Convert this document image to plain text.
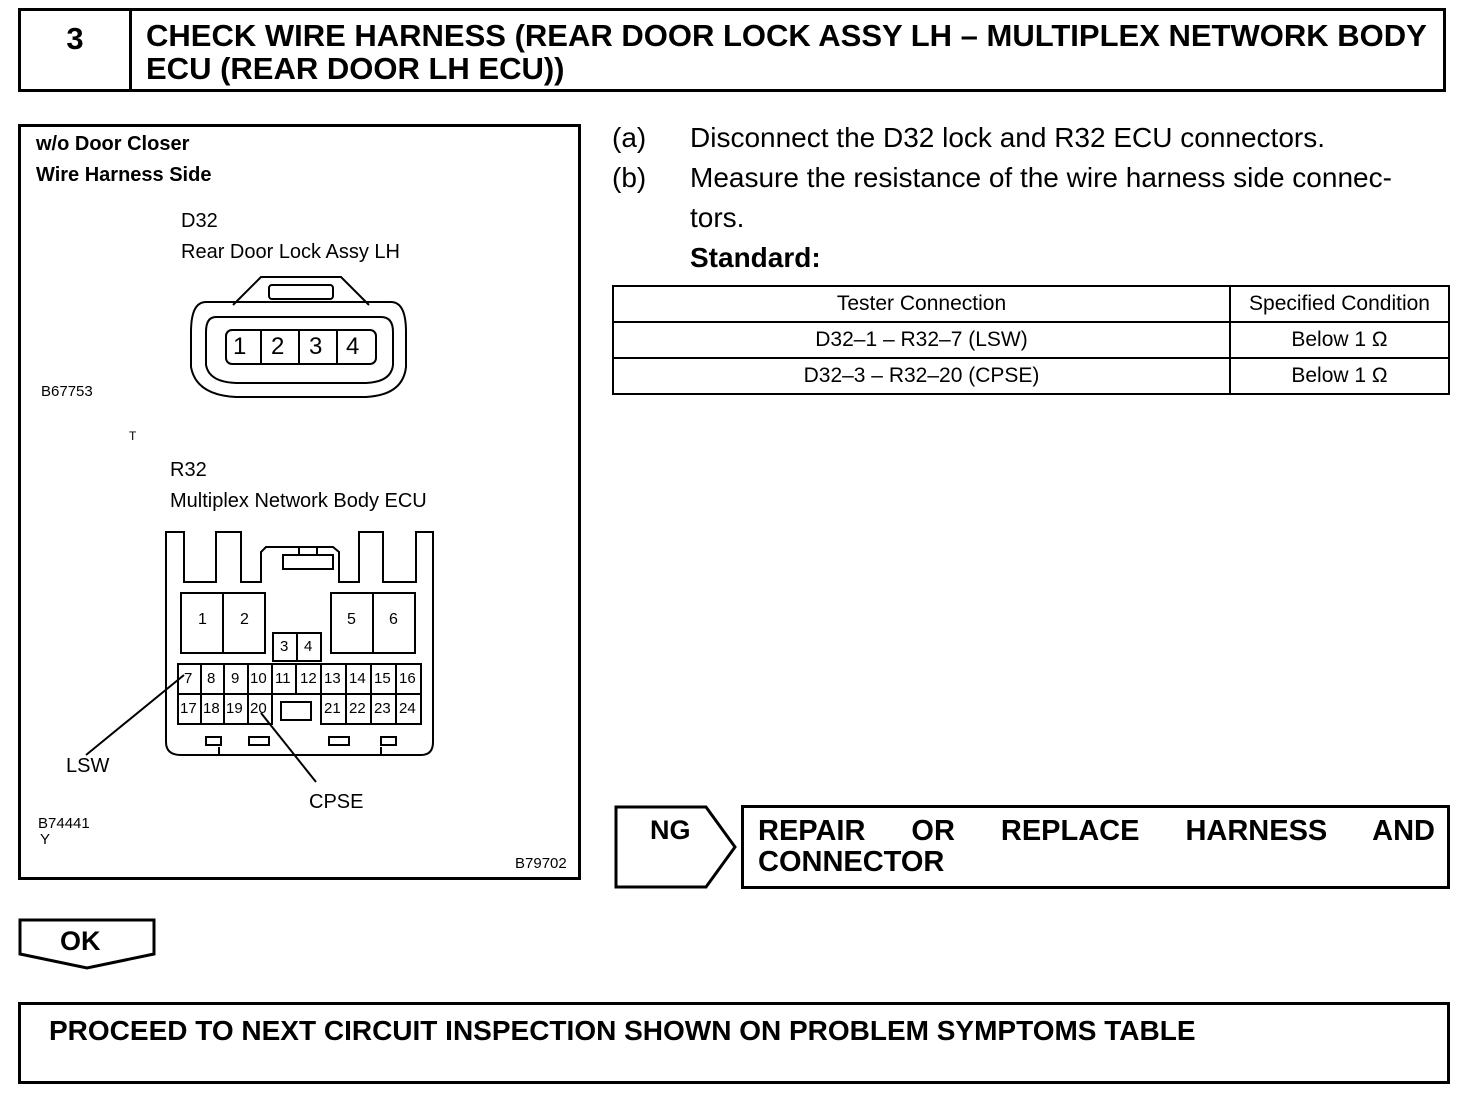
3	CHECK WIRE HARNESS (REAR DOOR LOCK ASSY LH – MULTIPLEX NETWORK BODY ECU (REAR DOOR LH ECU))
w/o Door Closer
Wire Harness Side
D32
Rear Door Lock Assy LH
1 2 3 4
B67753
T
R32
Multiplex Network Body ECU
1 2	5 6
3 4
7 8 9 10 11 12 13 14 15 16
17 18 19 20	21 22 23 24
LSW
CPSE
B74441
Y
B79702
(a) Disconnect the D32 lock and R32 ECU connectors.
(b) Measure the resistance of the wire harness side connec-
tors.
Standard:
Tester Connection	Specified Condition
D32–1 – R32–7 (LSW)	Below 1 Ω
D32–3 – R32–20 (CPSE)	Below 1 Ω
NG REPAIR OR REPLACE HARNESS AND CONNECTOR
OK
PROCEED TO NEXT CIRCUIT INSPECTION SHOWN ON PROBLEM SYMPTOMS TABLE
